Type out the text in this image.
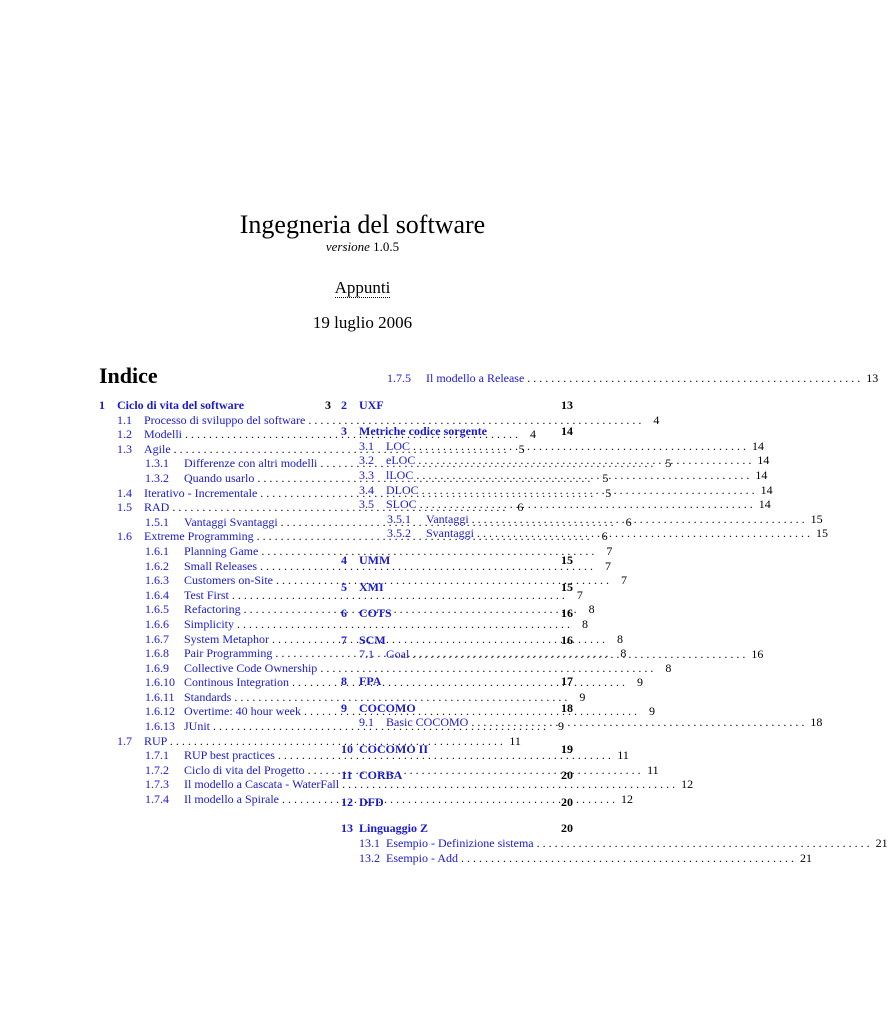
Ingegneria del software
versione 1.0.5
Appunti
19 luglio 2006
Indice
1	Ciclo di vita del software	3
1.1	Processo di sviluppo del software . . .	4
1.2	Modelli . . .	4
1.3	Agile . . .	5
1.3.1	Differenze con altri modelli . . .	5
1.3.2	Quando usarlo . . .	5
1.4	Iterativo - Incrementale . . .	5
1.5	RAD . . .	6
1.5.1	Vantaggi Svantaggi . . .	6
1.6	Extreme Programming . . .	6
1.6.1	Planning Game . . .	7
1.6.2	Small Releases . . .	7
1.6.3	Customers on-Site . . .	7
1.6.4	Test First . . .	7
1.6.5	Refactoring . . .	8
1.6.6	Simplicity . . .	8
1.6.7	System Metaphor . . .	8
1.6.8	Pair Programming . . .	8
1.6.9	Collective Code Ownership . . .	8
1.6.10 Continous Integration . . .	9
1.6.11 Standards . . .	9
1.6.12 Overtime: 40 hour week . . .	9
1.6.13 JUnit . . .	9
1.7	RUP . . .	11
1.7.1	RUP best practices . . .	11
1.7.2	Ciclo di vita del Progetto . . .	11
1.7.3	Il modello a Cascata - WaterFall . . .	12
1.7.4	Il modello a Spirale . . .	12
1.7.5	Il modello a Release . . .	13
2	UXF	13
3	Metriche codice sorgente	14
3.1	LOC . . .	14
3.2	eLOC . . .	14
3.3	lLOC . . .	14
3.4	DLOC . . .	14
3.5	SLOC . . .	14
3.5.1	Vantaggi . . .	15
3.5.2	Svantaggi . . .	15
4	UMM	15
5	XMI	15
6	COTS	16
7	SCM	16
7.1	Goal . . .	16
8	FPA	17
9	COCOMO	18
9.1	Basic COCOMO . . .	18
10 COCOMO II	19
11 CORBA	20
12 DFD	20
13 Linguaggio Z	20
13.1 Esempio - Definizione sistema . . .	21
13.2 Esempio - Add . . .	21
